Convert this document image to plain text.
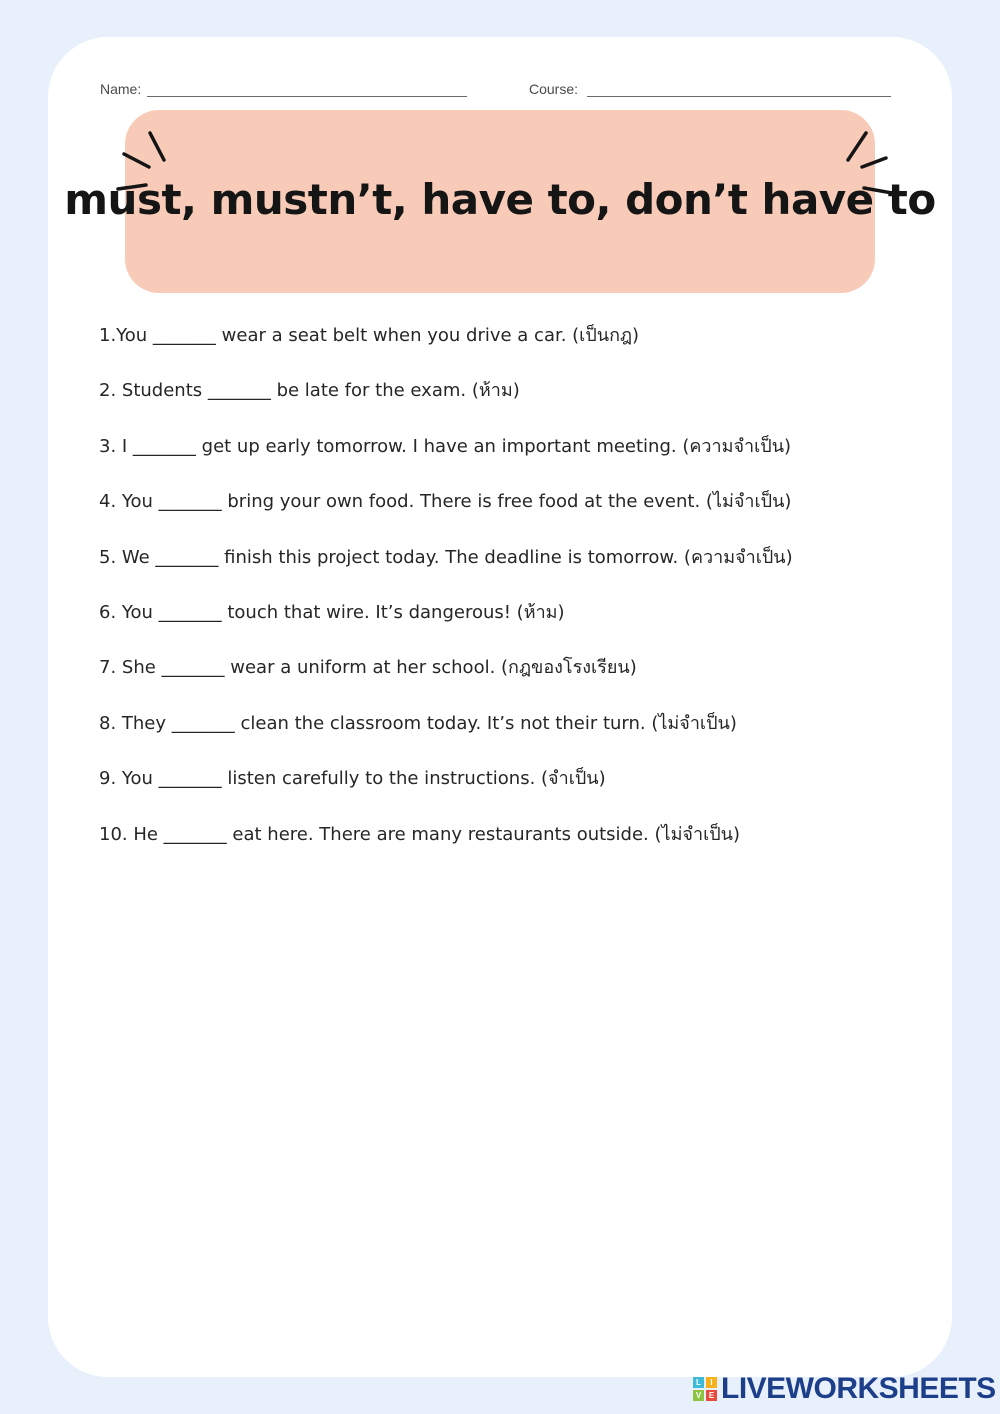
Name:	Course:
must, mustn’t, have to, don’t have to
1.You _______ wear a seat belt when you drive a car. (เป็นกฎ)
2. Students _______ be late for the exam. (ห้าม)
3. I _______ get up early tomorrow. I have an important meeting. (ความจำเป็น)
4. You _______ bring your own food. There is free food at the event. (ไม่จำเป็น)
5. We _______ finish this project today. The deadline is tomorrow. (ความจำเป็น)
6. You _______ touch that wire. It’s dangerous! (ห้าม)
7. She _______ wear a uniform at her school. (กฎของโรงเรียน)
8. They _______ clean the classroom today. It’s not their turn. (ไม่จำเป็น)
9. You _______ listen carefully to the instructions. (จำเป็น)
10. He _______ eat here. There are many restaurants outside. (ไม่จำเป็น)
L	I
V E LIVEWORKSHEETS
